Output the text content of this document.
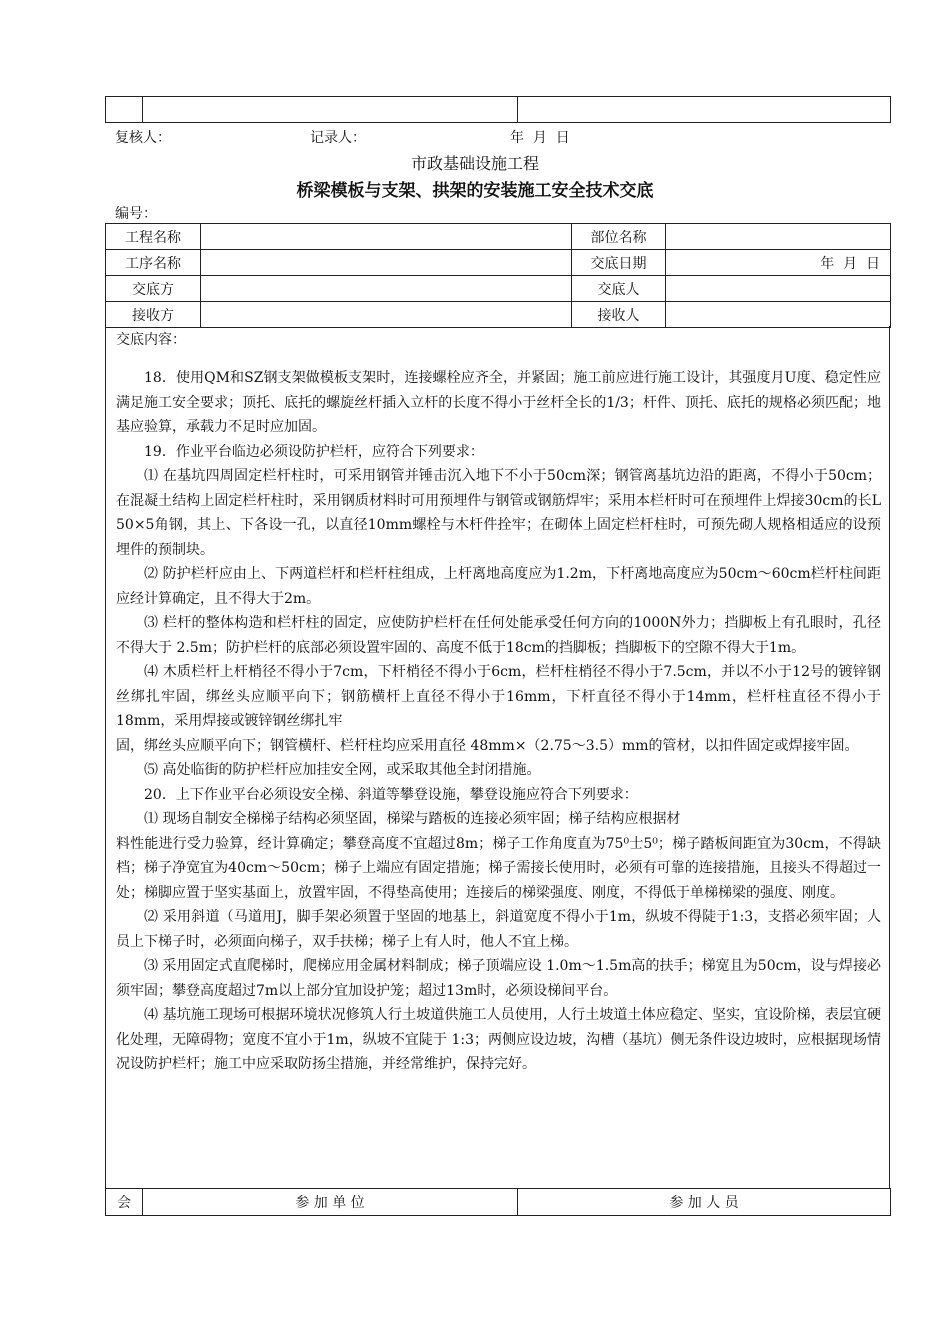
复核人：	记录人：	年  月  日
市政基础设施工程
桥梁模板与支架、拱架的安装施工安全技术交底
编号：
工程名称		部位名称	
工序名称		交底日期	年  月  日
交底方		交底人	
接收方		接收人	
交底内容：

18．使用QM和SZ钢支架做模板支架时，连接螺栓应齐全，并紧固；施工前应进行施工设计，其强度月U度、稳定性应满足施工安全要求；顶托、底托的螺旋丝杆插入立杆的长度不得小于丝杆全长的1/3；杆件、顶托、底托的规格必须匹配；地基应验算，承载力不足时应加固。

19．作业平台临边必须设防护栏杆，应符合下列要求：

⑴ 在基坑四周固定栏杆柱时，可采用钢管并锤击沉入地下不小于50cm深；钢管离基坑边沿的距离，不得小于50cm；在混凝土结构上固定栏杆柱时，采用钢质材料时可用预埋件与钢管或钢筋焊牢；采用本栏杆时可在预埋件上焊接30cm的长L 50×5角钢，其上、下各设一孔，以直径10mm螺栓与木杆件拴牢；在砌体上固定栏杆柱时，可预先砌人规格相适应的设预埋件的预制块。

⑵ 防护栏杆应由上、下两道栏杆和栏杆柱组成，上杆离地高度应为1.2m，下杆离地高度应为50cm～60cm栏杆柱间距应经计算确定，且不得大于2m。

⑶ 栏杆的整体构造和栏杆柱的固定，应使防护栏杆在任何处能承受任何方向的1000N外力；挡脚板上有孔眼时，孔径不得大于 2.5m；防护栏杆的底部必须设置牢固的、高度不低于18cm的挡脚板；挡脚板下的空隙不得大于1m。

⑷ 木质栏杆上杆梢径不得小于7cm，下杆梢径不得小于6cm，栏杆柱梢径不得小于7.5cm，并以不小于12号的镀锌钢丝绑扎牢固，绑丝头应顺平向下；钢筋横杆上直径不得小于16mm，下杆直径不得小于14mm，栏杆柱直径不得小于18mm，采用焊接或镀锌钢丝绑扎牢

固，绑丝头应顺平向下；钢管横杆、栏杆柱均应采用直径 48mm×（2.75～3.5）mm的管材，以扣件固定或焊接牢固。

⑸ 高处临街的防护栏杆应加挂安全网，或采取其他全封闭措施。

20．上下作业平台必须设安全梯、斜道等攀登设施，攀登设施应符合下列要求：

⑴ 现场自制安全梯梯子结构必须坚固，梯梁与踏板的连接必须牢固；梯子结构应根据材

料性能进行受力验算，经计算确定；攀登高度不宜超过8m；梯子工作角度直为75⁰士5⁰；梯子踏板间距宜为30cm，不得缺档；梯子净宽宜为40cm～50cm；梯子上端应有固定措施；梯子需接长使用时，必须有可靠的连接措施，且接头不得超过一处；梯脚应置于坚实基面上，放置牢固，不得垫高使用；连接后的梯梁强度、刚度，不得低于单梯梯梁的强度、刚度。

⑵ 采用斜道（马道用J，脚手架必须置于坚固的地基上，斜道宽度不得小于1m，纵坡不得陡于1:3，支搭必须牢固；人员上下梯子时，必须面向梯子，双手扶梯；梯子上有人时，他人不宜上梯。

⑶ 采用固定式直爬梯时，爬梯应用金属材料制成；梯子顶端应设 1.0m～1.5m高的扶手；梯宽且为50cm，设与焊接必须牢固；攀登高度超过7m以上部分宜加设护笼；超过13m时，必须设梯间平台。

⑷ 基坑施工现场可根据环境状况修筑人行土坡道供施工人员使用，人行土坡道土体应稳定、坚实，宜设阶梯，表层宜硬化处理，无障碍物；宽度不宜小于1m，纵坡不宜陡于 1:3；两侧应设边坡，沟槽（基坑）侧无条件设边坡时，应根据现场情况设防护栏杆；施工中应采取防扬尘措施，并经常维护，保持完好。

会	参 加 单 位	参 加 人 员
